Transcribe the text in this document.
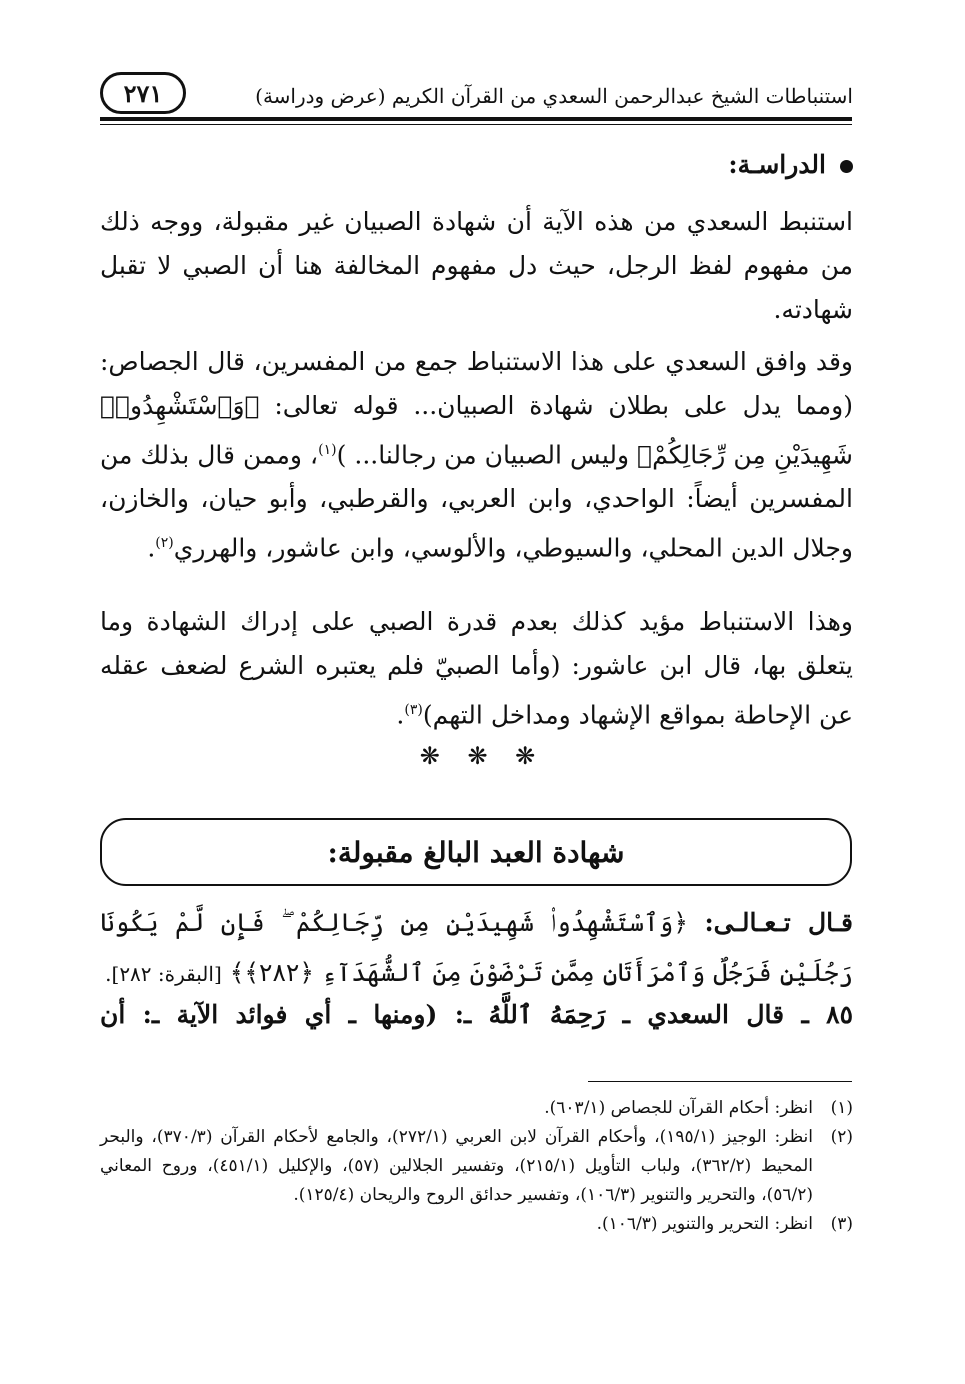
استنباطات الشيخ عبدالرحمن السعدي من القرآن الكريم (عرض ودراسة)
٢٧١
الدراسـة:

استنبط السعدي من هذه الآية أن شهادة الصبيان غير مقبولة، ووجه ذلك من مفهوم لفظ الرجل، حيث دل مفهوم المخالفة هنا أن الصبي لا تقبل شهادته.

وقد وافق السعدي على هذا الاستنباط جمع من المفسرين، قال الجصاص: (ومما يدل على بطلان شهادة الصبيان... قوله تعالى: ﴿وَٱسْتَشْهِدُوا۟ شَهِيدَيْنِ مِن رِّجَالِكُمْ﴾ وليس الصبيان من رجالنا... )$^{(١)}$، وممن قال بذلك من المفسرين أيضاً: الواحدي، وابن العربي، والقرطبي، وأبو حيان، والخازن، وجلال الدين المحلي، والسيوطي، والألوسي، وابن عاشور، والهرري$^{(٢)}$.

وهذا الاستنباط مؤيد كذلك بعدم قدرة الصبي على إدراك الشهادة وما يتعلق بها، قال ابن عاشور: (وأما الصبيّ فلم يعتبره الشرع لضعف عقله عن الإحاطة بمواقع الإشهاد ومداخل التهم)$^{(٣)}$.

❋ ❋ ❋
شهادة العبد البالغ مقبولة:

قـال تـعـالـى: ﴿وَٱسْتَشْهِدُوا۟ شَهِيدَيْنِ مِن رِّجَالِكُمْ ۖ فَإِن لَّمْ يَكُونَا رَجُلَيْنِ فَرَجُلٌ وَٱمْرَأَتَانِ مِمَّن تَرْضَوْنَ مِنَ ٱلشُّهَدَآءِ ﴿٢٨٢﴾﴾ [البقرة: ٢٨٢].

٨٥ ـ قال السعدي ـ رَحِمَهُ ٱللَّهُ ـ: (ومنها ـ أي فوائد الآية ـ: أن

(١)
انظر: أحكام القرآن للجصاص (٦٠٣/١).
(٢)
انظر: الوجيز (١٩٥/١)، وأحكام القرآن لابن العربي (٢٧٢/١)، والجامع لأحكام القرآن (٣٧٠/٣)، والبحر المحيط (٣٦٢/٢)، ولباب التأويل (٢١٥/١)، وتفسير الجلالين (٥٧)، والإكليل (٤٥١/١)، وروح المعاني (٥٦/٢)، والتحرير والتنوير (١٠٦/٣)، وتفسير حدائق الروح والريحان (١٢٥/٤).
(٣)
انظر: التحرير والتنوير (١٠٦/٣).
